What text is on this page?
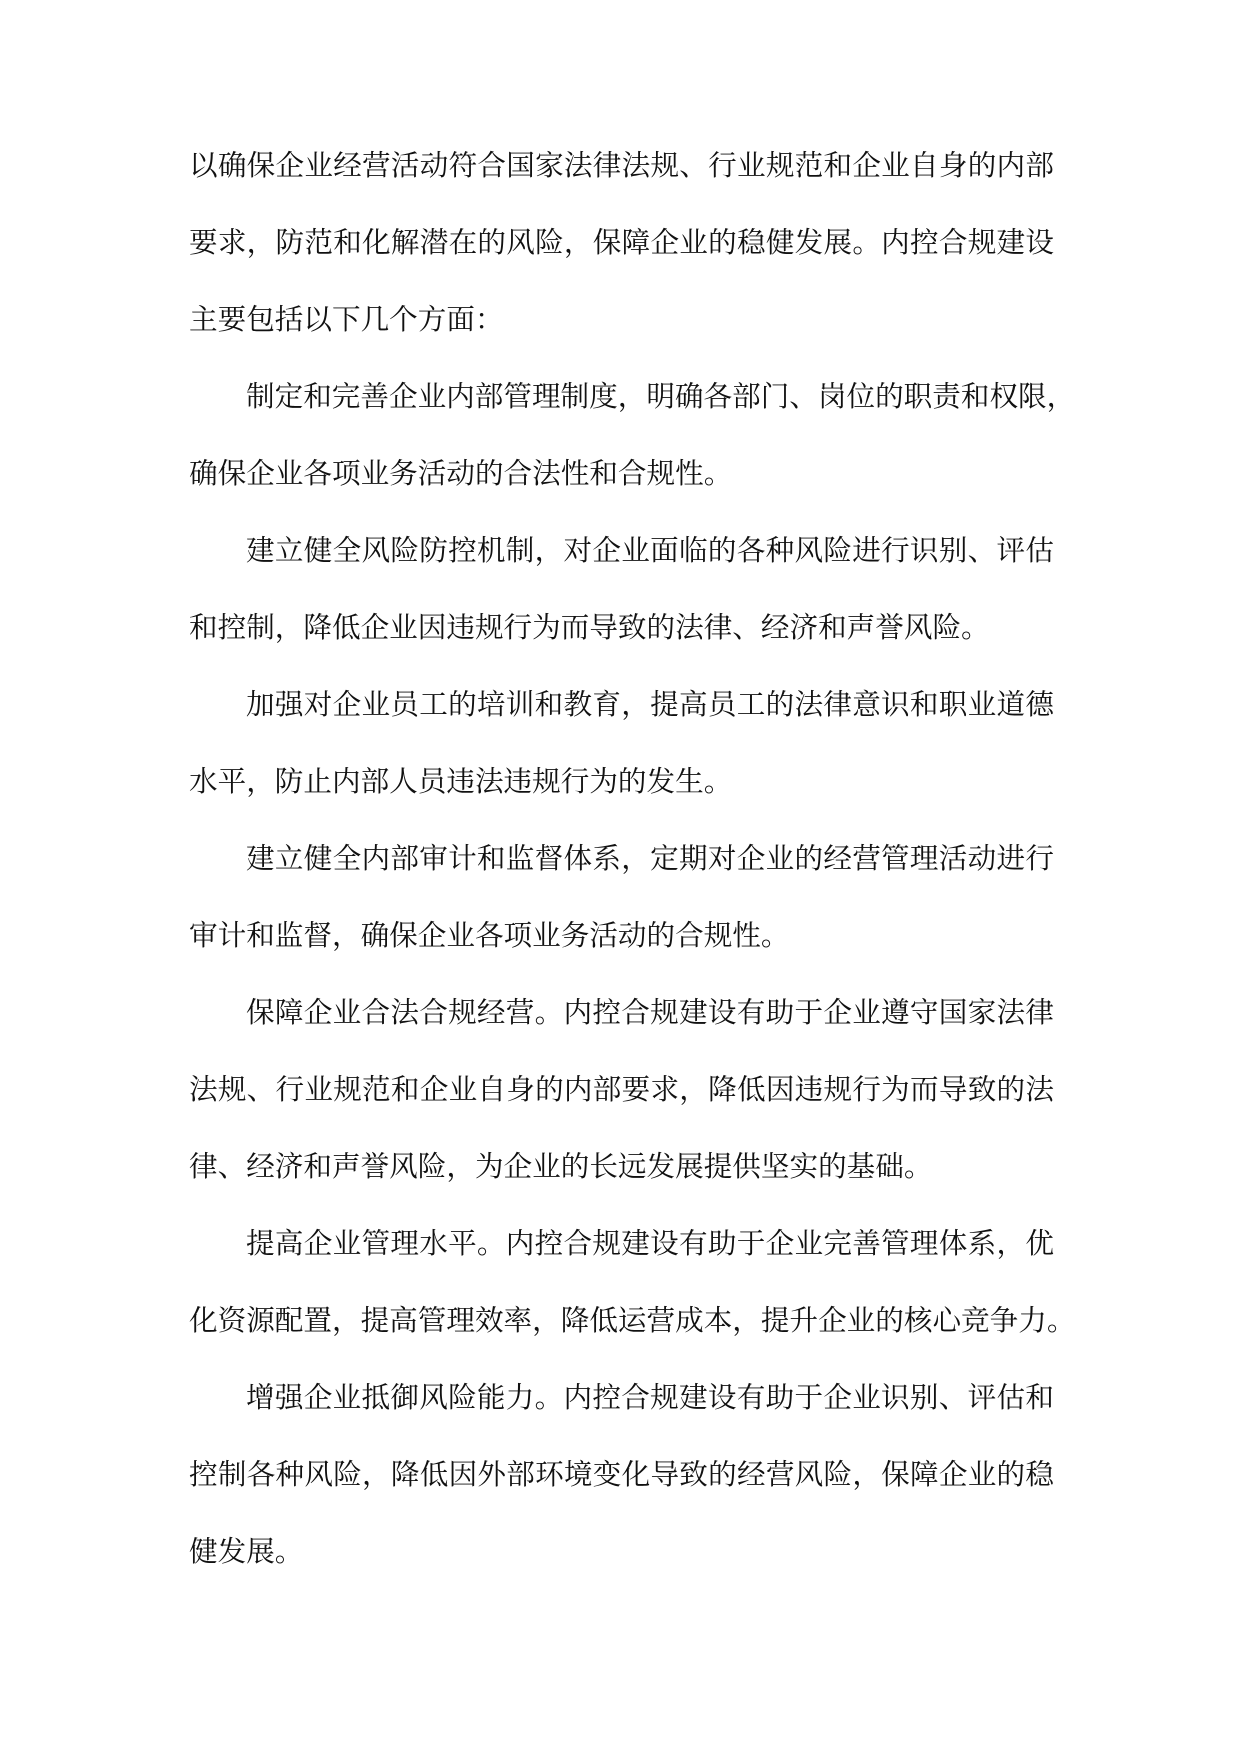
以确保企业经营活动符合国家法律法规、行业规范和企业自身的内部
要求，防范和化解潜在的风险，保障企业的稳健发展。内控合规建设
主要包括以下几个方面：
制定和完善企业内部管理制度，明确各部门、岗位的职责和权限，
确保企业各项业务活动的合法性和合规性。
建立健全风险防控机制，对企业面临的各种风险进行识别、评估
和控制，降低企业因违规行为而导致的法律、经济和声誉风险。
加强对企业员工的培训和教育，提高员工的法律意识和职业道德
水平，防止内部人员违法违规行为的发生。
建立健全内部审计和监督体系，定期对企业的经营管理活动进行
审计和监督，确保企业各项业务活动的合规性。
保障企业合法合规经营。内控合规建设有助于企业遵守国家法律
法规、行业规范和企业自身的内部要求，降低因违规行为而导致的法
律、经济和声誉风险，为企业的长远发展提供坚实的基础。
提高企业管理水平。内控合规建设有助于企业完善管理体系，优
化资源配置，提高管理效率，降低运营成本，提升企业的核心竞争力。
增强企业抵御风险能力。内控合规建设有助于企业识别、评估和
控制各种风险，降低因外部环境变化导致的经营风险，保障企业的稳
健发展。
